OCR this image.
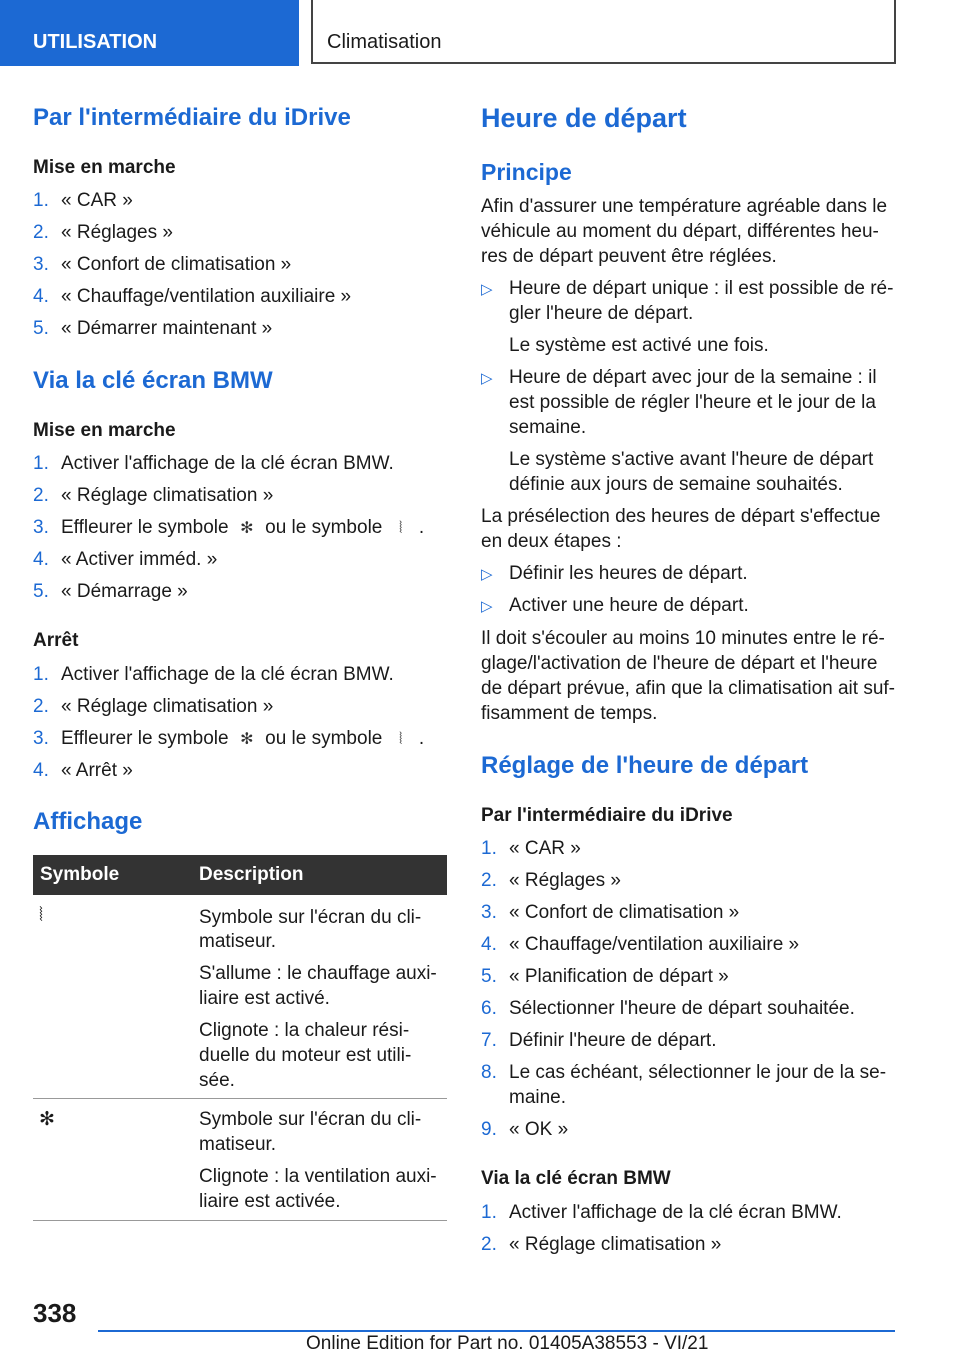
UTILISATION	Climatisation
Par l'intermédiaire du iDrive
Mise en marche
1. « CAR »
2. « Réglages »
3. « Confort de climatisation »
4. « Chauffage/ventilation auxiliaire »
5. « Démarrer maintenant »
Via la clé écran BMW
Mise en marche
1. Activer l'affichage de la clé écran BMW.
2. « Réglage climatisation »
3. Effleurer le symbole ✻ ou le symbole ⦚ .
4. « Activer imméd. »
5. « Démarrage »
Arrêt
1. Activer l'affichage de la clé écran BMW.
2. « Réglage climatisation »
3. Effleurer le symbole ✻ ou le symbole ⦚ .
4. « Arrêt »
Affichage
Symbole	Description
⦚	Symbole sur l'écran du cli-
matiseur.
S'allume : le chauffage auxi-
liaire est activé.
Clignote : la chaleur rési-
duelle du moteur est utili-
sée.
✻	Symbole sur l'écran du cli-
matiseur.
Clignote : la ventilation auxi-
liaire est activée.
Heure de départ
Principe
Afin d'assurer une température agréable dans le
véhicule au moment du départ, différentes heu-
res de départ peuvent être réglées.
▷ Heure de départ unique : il est possible de ré-
gler l'heure de départ.
Le système est activé une fois.
▷ Heure de départ avec jour de la semaine : il
est possible de régler l'heure et le jour de la
semaine.
Le système s'active avant l'heure de départ
définie aux jours de semaine souhaités.
La présélection des heures de départ s'effectue
en deux étapes :
▷ Définir les heures de départ.
▷ Activer une heure de départ.
Il doit s'écouler au moins 10 minutes entre le ré-
glage/l'activation de l'heure de départ et l'heure
de départ prévue, afin que la climatisation ait suf-
fisamment de temps.
Réglage de l'heure de départ
Par l'intermédiaire du iDrive
1. « CAR »
2. « Réglages »
3. « Confort de climatisation »
4. « Chauffage/ventilation auxiliaire »
5. « Planification de départ »
6. Sélectionner l'heure de départ souhaitée.
7. Définir l'heure de départ.
8. Le cas échéant, sélectionner le jour de la se-
maine.
9. « OK »
Via la clé écran BMW
1. Activer l'affichage de la clé écran BMW.
2. « Réglage climatisation »
338
Online Edition for Part no. 01405A38553 - VI/21
